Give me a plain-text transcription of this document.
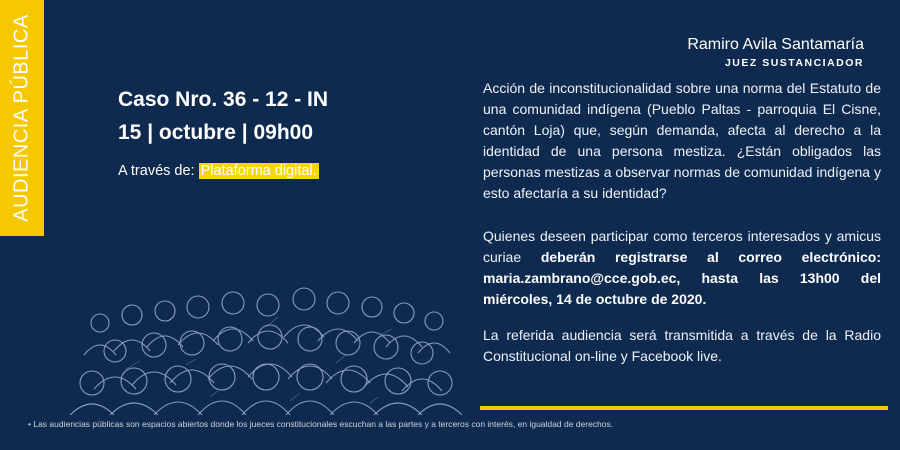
AUDIENCIA PÚBLICA	Caso Nro. 36 - 12 - IN
15 | octubre | 09h00
A través de: Plataforma digital.
Ramiro Avila Santamaría
JUEZ SUSTANCIADOR
Acción de inconstitucionalidad sobre una norma del Estatuto de una comunidad indígena (Pueblo Paltas - parroquia El Cisne, cantón Loja) que, según demanda, afecta al derecho a la identidad de una persona mestiza. ¿Están obligados las personas mestizas a observar normas de comunidad indígena y esto afectaría a su identidad?
Quienes deseen participar como terceros interesados y amicus curiae deberán registrarse al correo electrónico: maria.zambrano@cce.gob.ec, hasta las 13h00 del miércoles, 14 de octubre de 2020.
La referida audiencia será transmitida a través de la Radio Constitucional on-line y Facebook live.
• Las audiencias públicas son espacios abiertos donde los jueces constitucionales escuchan a las partes y a terceros con interés, en igualdad de derechos.
